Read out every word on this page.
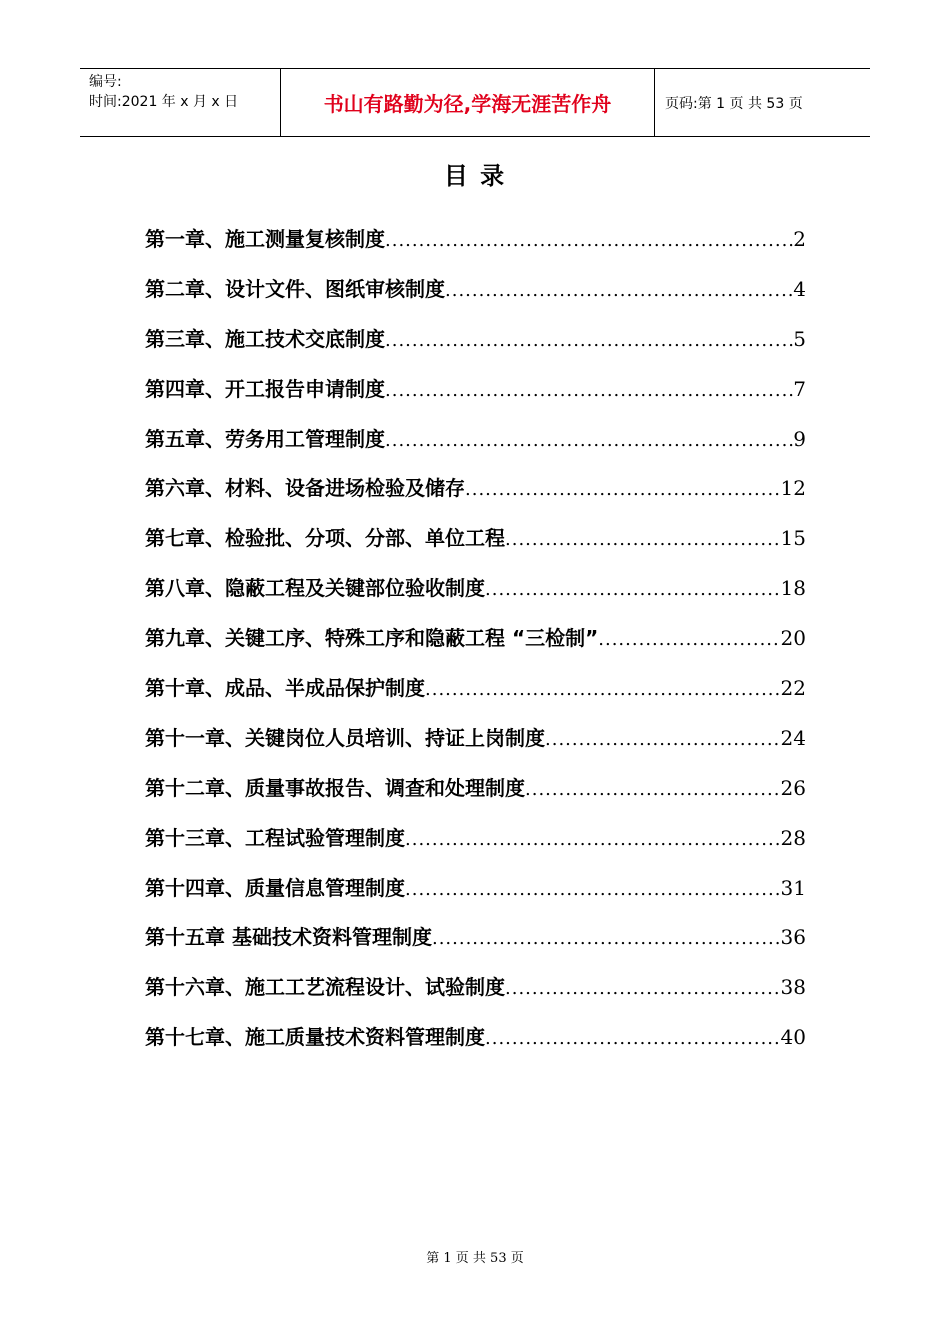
编号:
时间:2021 年 x 月 x 日	书山有路勤为径,学海无涯苦作舟	页码:第 1 页 共 53 页
目 录
第一章、施工测量复核制度 .....	2
第二章、设计文件、图纸审核制度 .....	4
第三章、施工技术交底制度 .....	5
第四章、开工报告申请制度 .....	7
第五章、劳务用工管理制度 .....	9
第六章、材料、设备进场检验及储存 .....	12
第七章、检验批、分项、分部、单位工程 .....	15
第八章、隐蔽工程及关键部位验收制度 .....	18
第九章、关键工序、特殊工序和隐蔽工程 “三检制” .....	20
第十章、成品、半成品保护制度 .....	22
第十一章、关键岗位人员培训、持证上岗制度 .....	24
第十二章、质量事故报告、调查和处理制度 .....	26
第十三章、工程试验管理制度 .....	28
第十四章、质量信息管理制度 .....	31
第十五章 基础技术资料管理制度 .....	36
第十六章、施工工艺流程设计、试验制度 .....	38
第十七章、施工质量技术资料管理制度 .....	40
第 1 页 共 53 页
